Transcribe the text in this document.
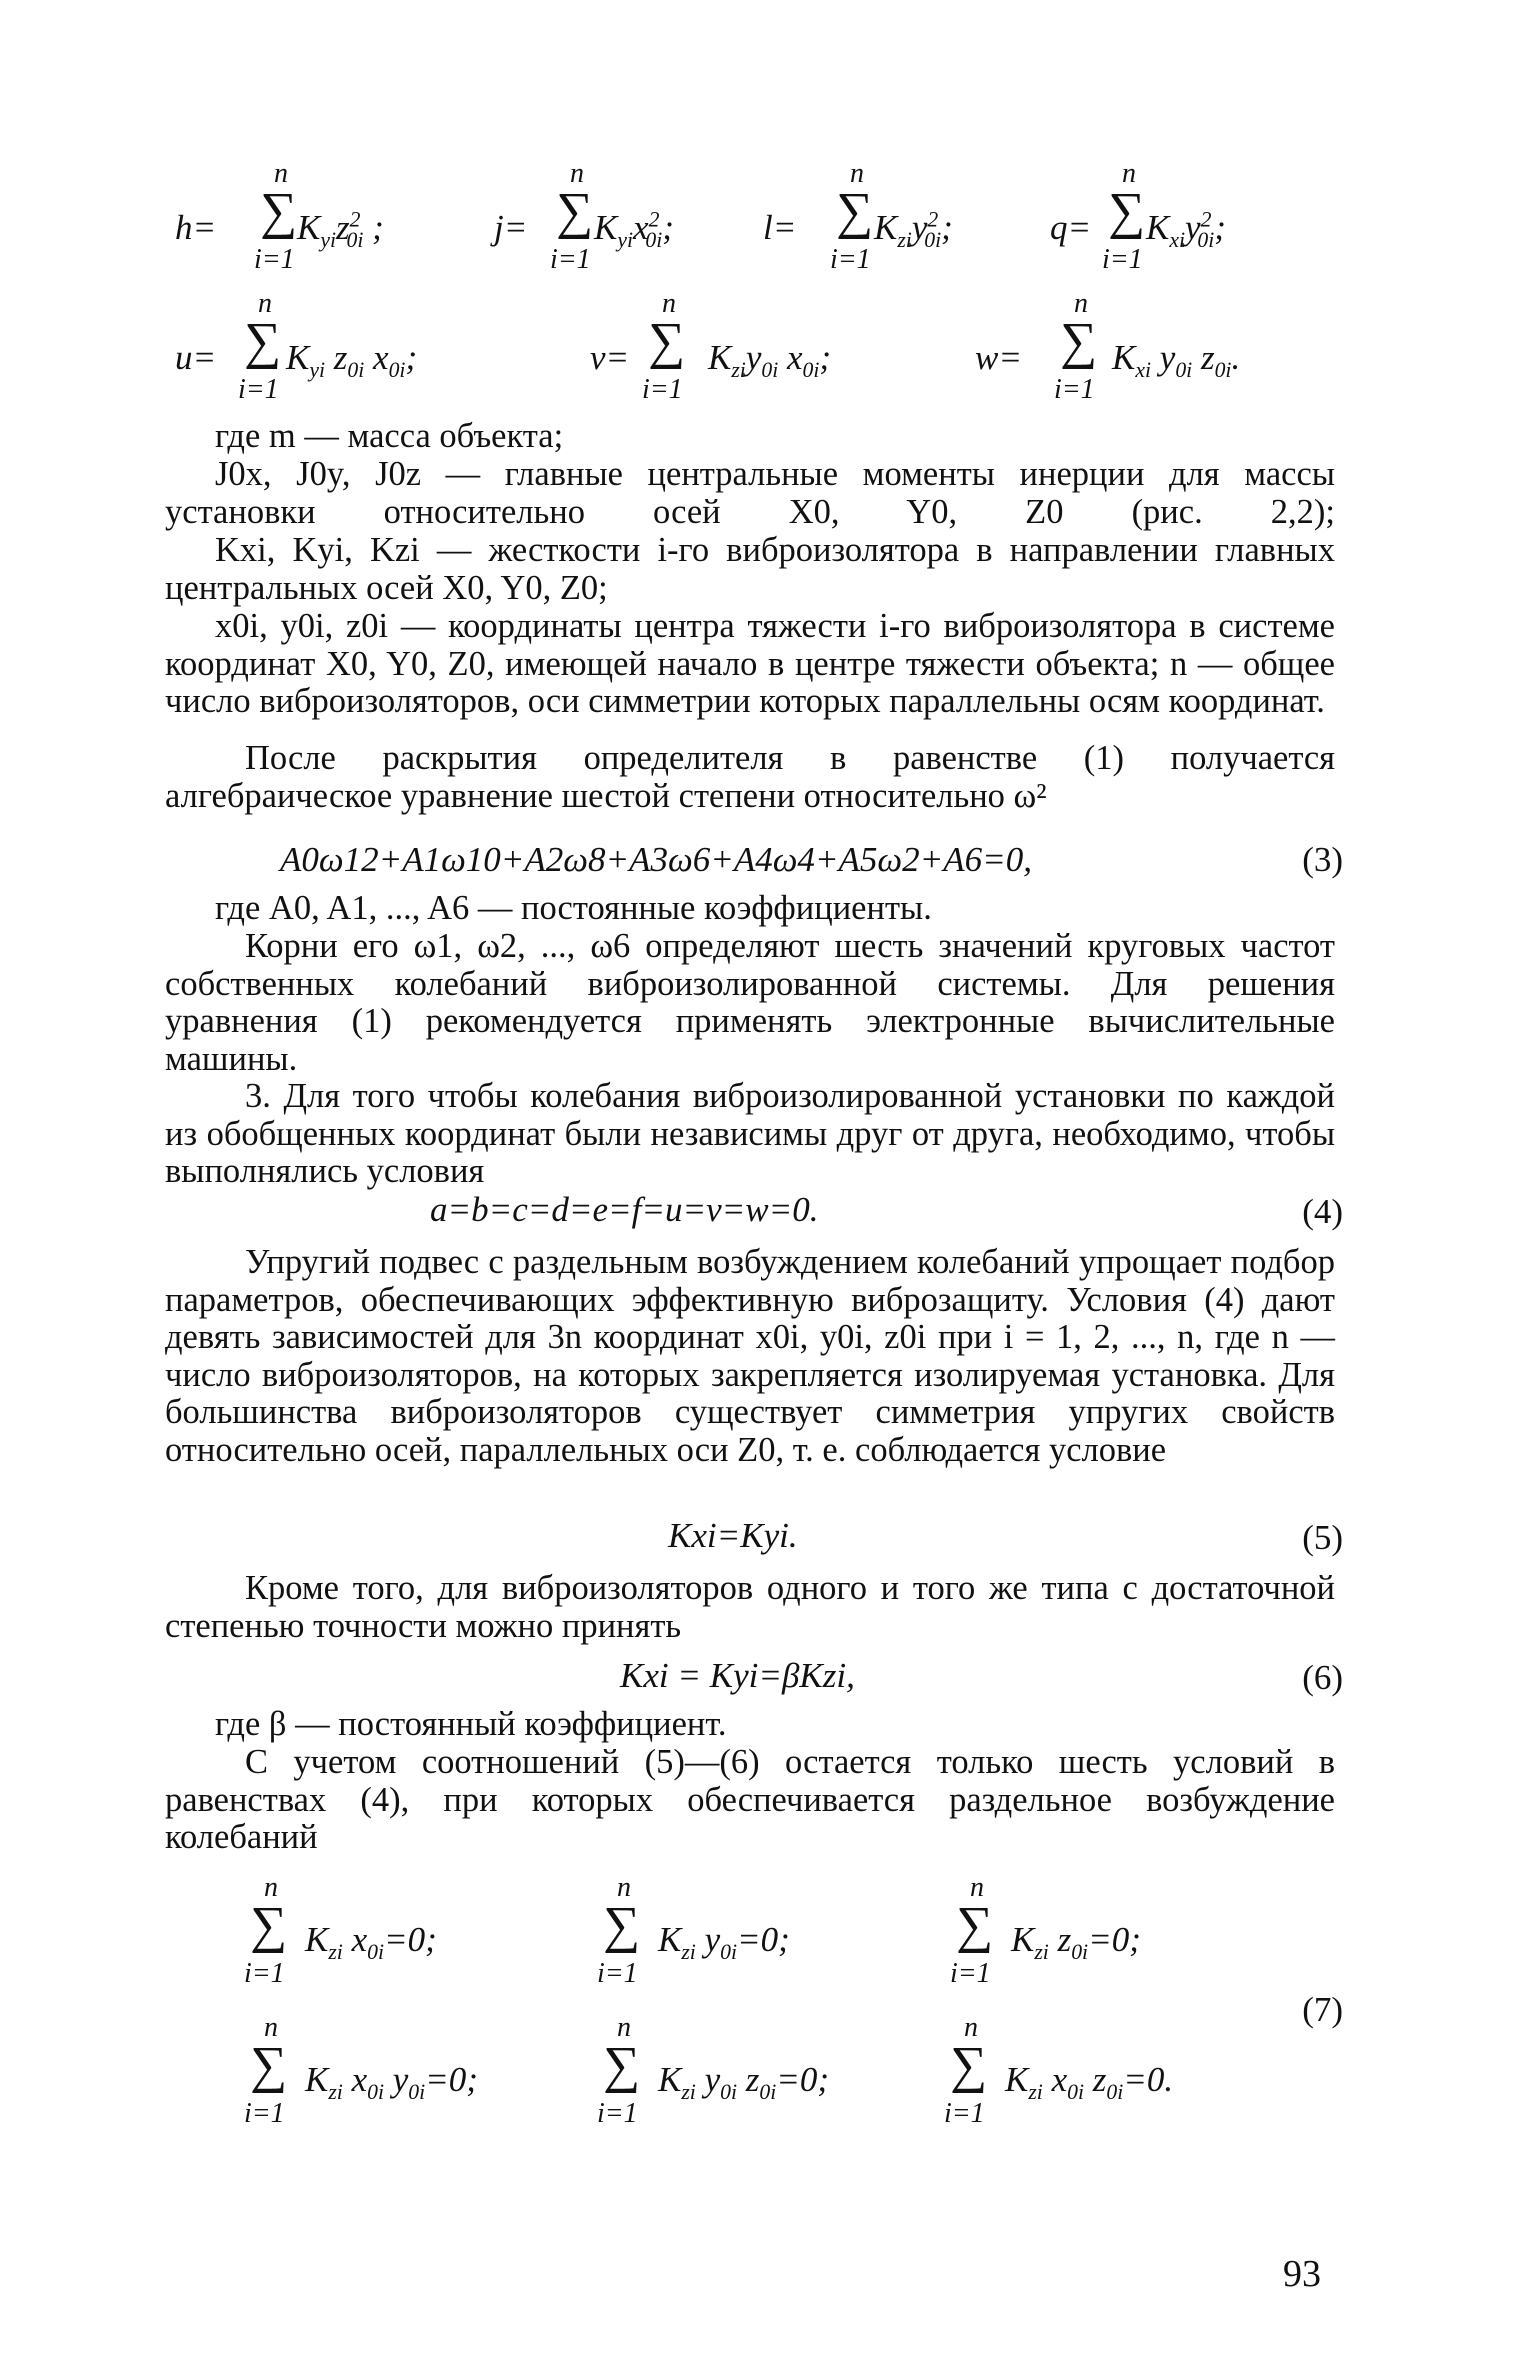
h=
n
∑
i=1
$K_{yi}z^2_{0i}$ ;	j=
n
∑
i=1
$K_{yi}x^2_{0i}$;	l=
n
∑
i=1
$K_{zi}y^2_{0i}$;	q=
n
∑
i=1
$K_{xi}y^2_{0i}$;
u=
n
∑
i=1
$K_{yi}$ $z_{0i}$ $x_{0i}$;	v=
n
∑
i=1
$K_{zi}y_{0i}$ $x_{0i}$;	w=
n
∑
i=1
$K_{xi}$ $y_{0i}$ $z_{0i}$.
где m — масса объекта;
J0x, J0y, J0z — главные центральные моменты инерции для массы установки относительно осей X0, Y0, Z0 (рис. 2,2);
Kxi, Kyi, Kzi — жесткости i-го виброизолятора в направлении главных центральных осей X0, Y0, Z0;
x0i, y0i, z0i — координаты центра тяжести i-го виброизолятора в системе координат X0, Y0, Z0, имеющей начало в центре тяжести объекта; n — общее число виброизоляторов, оси симметрии которых параллельны осям координат.
После раскрытия определителя в равенстве (1) получается алгебраическое уравнение шестой степени относительно ω²
A0ω12+A1ω10+A2ω8+A3ω6+A4ω4+A5ω2+A6=0,	(3)
где A0, A1, ..., A6 — постоянные коэффициенты.
Корни его ω1, ω2, ..., ω6 определяют шесть значений круговых частот собственных колебаний виброизолированной системы. Для решения уравнения (1) рекомендуется применять электронные вычислительные машины.
3. Для того чтобы колебания виброизолированной установки по каждой из обобщенных координат были независимы друг от друга, необходимо, чтобы выполнялись условия
a=b=c=d=e=f=u=v=w=0.	(4)
Упругий подвес с раздельным возбуждением колебаний упрощает подбор параметров, обеспечивающих эффективную виброзащиту. Условия (4) дают девять зависимостей для 3n координат x0i, y0i, z0i при i = 1, 2, ..., n, где n — число виброизоляторов, на которых закрепляется изолируемая установка. Для большинства виброизоляторов существует симметрия упругих свойств относительно осей, параллельных оси Z0, т. е. соблюдается условие
Kxi=Kyi.	(5)
Кроме того, для виброизоляторов одного и того же типа с достаточной степенью точности можно принять
Kxi = Kyi=βKzi,	(6)
где β — постоянный коэффициент.
С учетом соотношений (5)—(6) остается только шесть условий в равенствах (4), при которых обеспечивается раздельное возбуждение колебаний
n
∑
i=1
$K_{zi}$ $x_{0i}=0$;
n
∑
i=1
$K_{zi}$ $y_{0i}=0$;
n
∑
i=1
$K_{zi}$ $z_{0i}=0$;
(7)
n
∑
i=1
$K_{zi}$ $x_{0i}$ $y_{0i}=0$;
n
∑
i=1
$K_{zi}$ $y_{0i}$ $z_{0i}=0$;
n
∑
i=1
$K_{zi}$ $x_{0i}$ $z_{0i}=0$.
93
